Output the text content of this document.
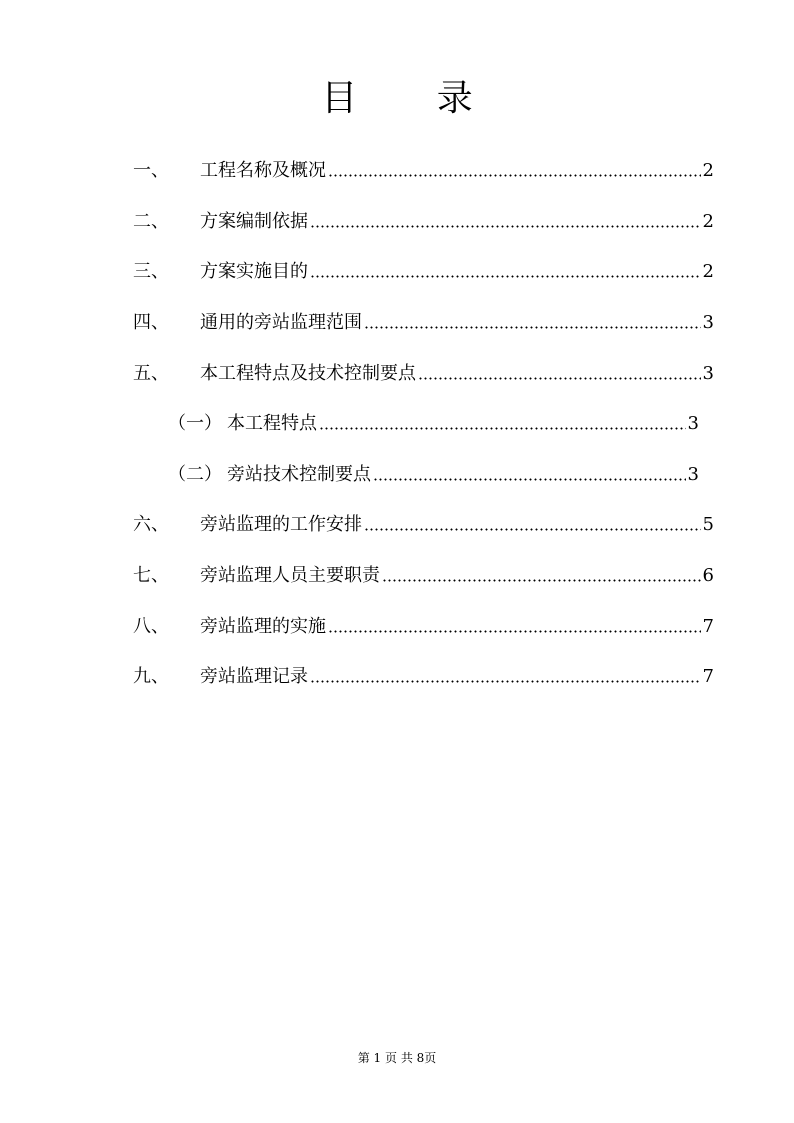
目 录
一、	工程名称及概况	2
二、	方案编制依据	2
三、	方案实施目的	2
四、	通用的旁站监理范围	3
五、	本工程特点及技术控制要点	3
（一） 本工程特点	3
（二） 旁站技术控制要点	3
六、	旁站监理的工作安排	5
七、	旁站监理人员主要职责	6
八、	旁站监理的实施	7
九、	旁站监理记录	7
第 1 页 共 8页
